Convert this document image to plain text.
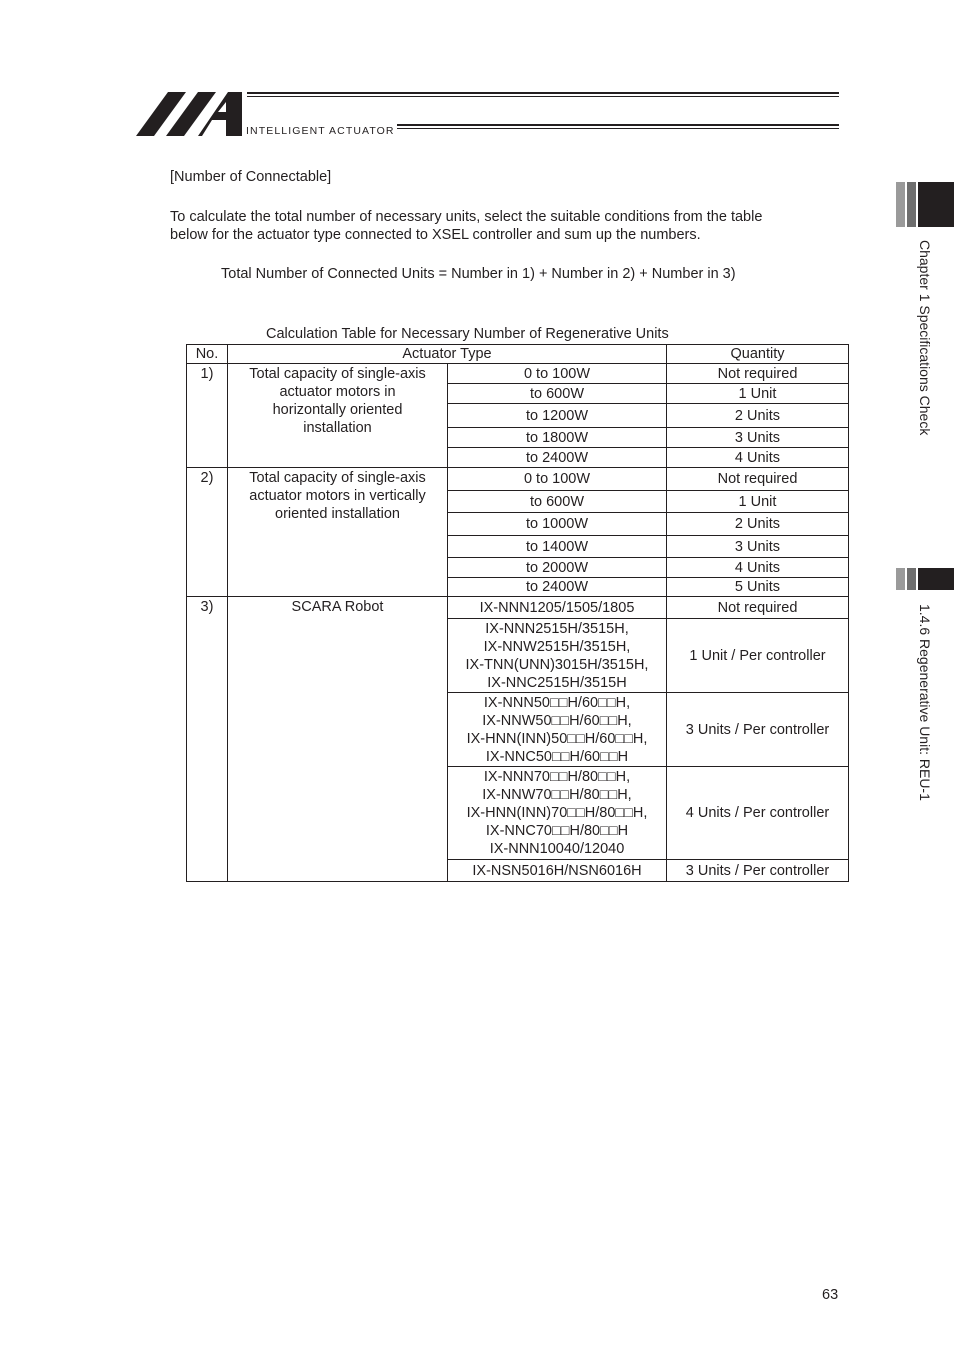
INTELLIGENT ACTUATOR
Chapter 1 Specifications Check
1.4.6 Regenerative Unit: REU-1
[Number of Connectable]
To calculate the total number of necessary units, select the suitable conditions from the table
below for the actuator type connected to XSEL controller and sum up the numbers.
Total Number of Connected Units = Number in 1) + Number in 2) + Number in 3)
Calculation Table for Necessary Number of Regenerative Units
No.	Actuator Type		Quantity
1)	Total capacity of single-axis
actuator motors in
horizontally oriented
installation	0 to 100W	Not required
		to 600W	1 Unit
		to 1200W	2 Units
		to 1800W	3 Units
		to 2400W	4 Units
2)	Total capacity of single-axis
actuator motors in vertically
oriented installation	0 to 100W	Not required
		to 600W	1 Unit
		to 1000W	2 Units
		to 1400W	3 Units
		to 2000W	4 Units
		to 2400W	5 Units
3)	SCARA Robot	IX-NNN1205/1505/1805	Not required

		IX-NNN2515H/3515H,
IX-NNW2515H/3515H,
IX-TNN(UNN)3015H/3515H,
IX-NNC2515H/3515H	1 Unit / Per controller

		IX-NNN50□□H/60□□H,
IX-NNW50□□H/60□□H,
IX-HNN(INN)50□□H/60□□H,
IX-NNC50□□H/60□□H	3 Units / Per controller

		IX-NNN70□□H/80□□H,
IX-NNW70□□H/80□□H,
IX-HNN(INN)70□□H/80□□H,
IX-NNC70□□H/80□□H
IX-NNN10040/12040	4 Units / Per controller
		IX-NSN5016H/NSN6016H	3 Units / Per controller
63
